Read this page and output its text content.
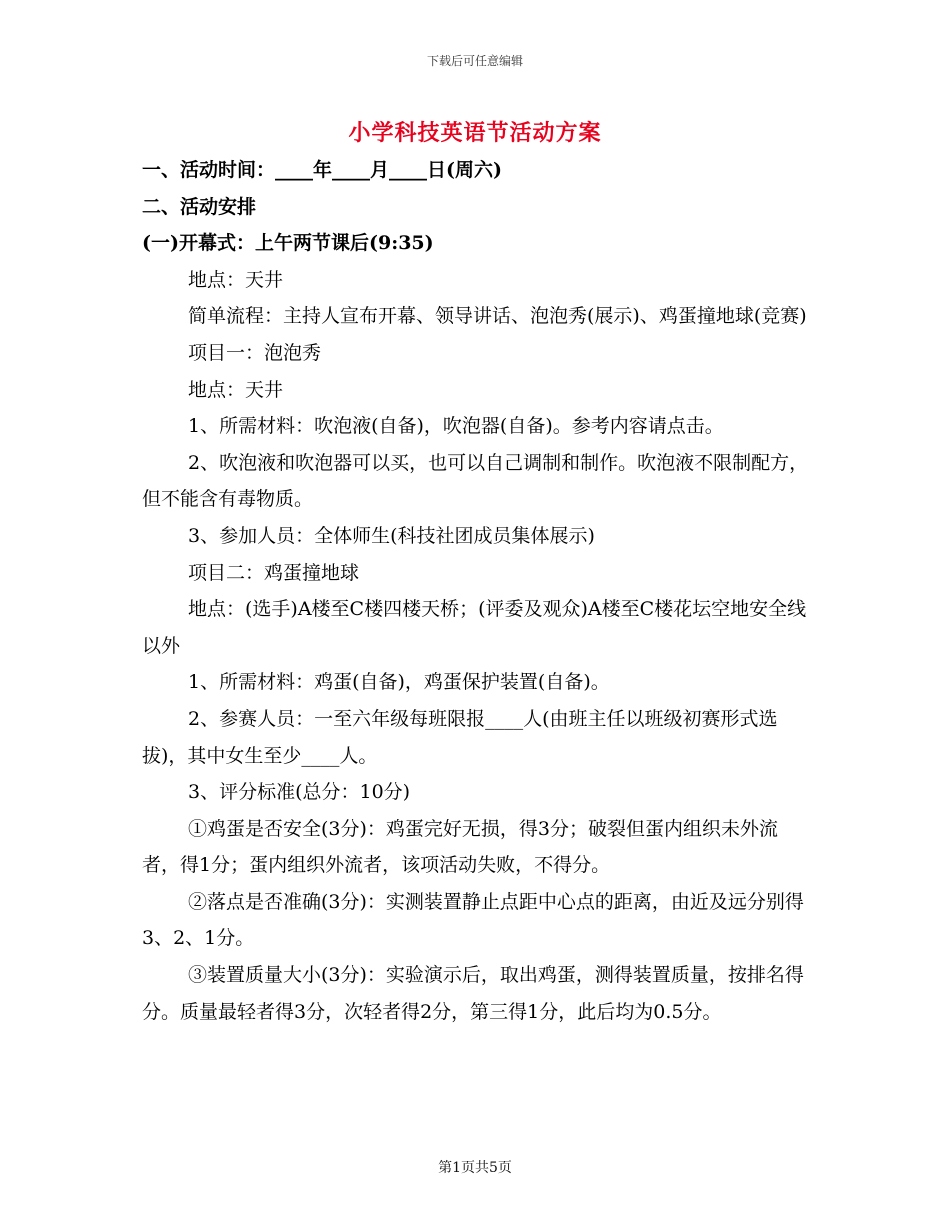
下载后可任意编辑
小学科技英语节活动方案

一、活动时间：____年____月____日(周六)

二、活动安排

(一)开幕式：上午两节课后(9:35)

地点：天井

简单流程：主持人宣布开幕、领导讲话、泡泡秀(展示)、鸡蛋撞地球(竞赛)

项目一：泡泡秀

地点：天井

1、所需材料：吹泡液(自备)，吹泡器(自备)。参考内容请点击。

2、吹泡液和吹泡器可以买，也可以自己调制和制作。吹泡液不限制配方，但不能含有毒物质。

3、参加人员：全体师生(科技社团成员集体展示)

项目二：鸡蛋撞地球

地点：(选手)A楼至C楼四楼天桥；(评委及观众)A楼至C楼花坛空地安全线以外

1、所需材料：鸡蛋(自备)，鸡蛋保护装置(自备)。

2、参赛人员：一至六年级每班限报____人(由班主任以班级初赛形式选拔)，其中女生至少____人。

3、评分标准(总分：10分)

①鸡蛋是否安全(3分)：鸡蛋完好无损，得3分；破裂但蛋内组织未外流者，得1分；蛋内组织外流者，该项活动失败，不得分。

②落点是否准确(3分)：实测装置静止点距中心点的距离，由近及远分别得3、2、1分。

③装置质量大小(3分)：实验演示后，取出鸡蛋，测得装置质量，按排名得分。质量最轻者得3分，次轻者得2分，第三得1分，此后均为0.5分。

第1页共5页
